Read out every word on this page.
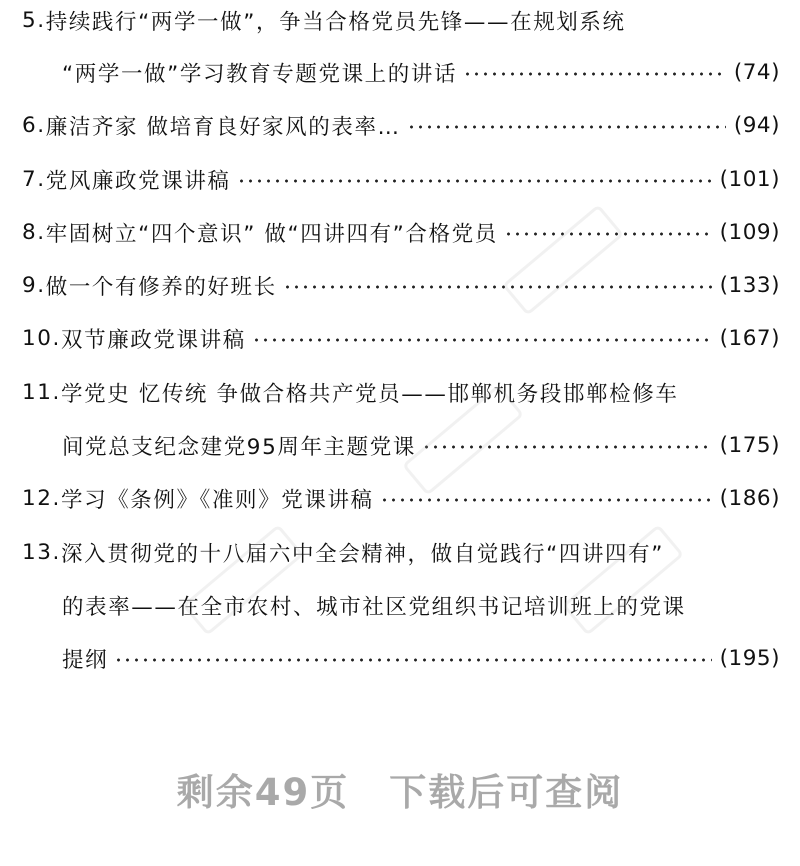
5. 持续践行“两学一做”，争当合格党员先锋——在规划系统
“两学一做”学习教育专题党课上的讲话	(74)
6. 廉洁齐家 做培育良好家风的表率…	(94)
7. 党风廉政党课讲稿	(101)
8. 牢固树立“四个意识” 做“四讲四有”合格党员	(109)
9. 做一个有修养的好班长	(133)
10. 双节廉政党课讲稿	(167)
11. 学党史 忆传统 争做合格共产党员——邯郸机务段邯郸检修车
间党总支纪念建党95周年主题党课	(175)
12. 学习《条例》《准则》党课讲稿	(186)
13. 深入贯彻党的十八届六中全会精神，做自觉践行“四讲四有”
的表率——在全市农村、城市社区党组织书记培训班上的党课
提纲	(195)
剩余49页 下载后可查阅
